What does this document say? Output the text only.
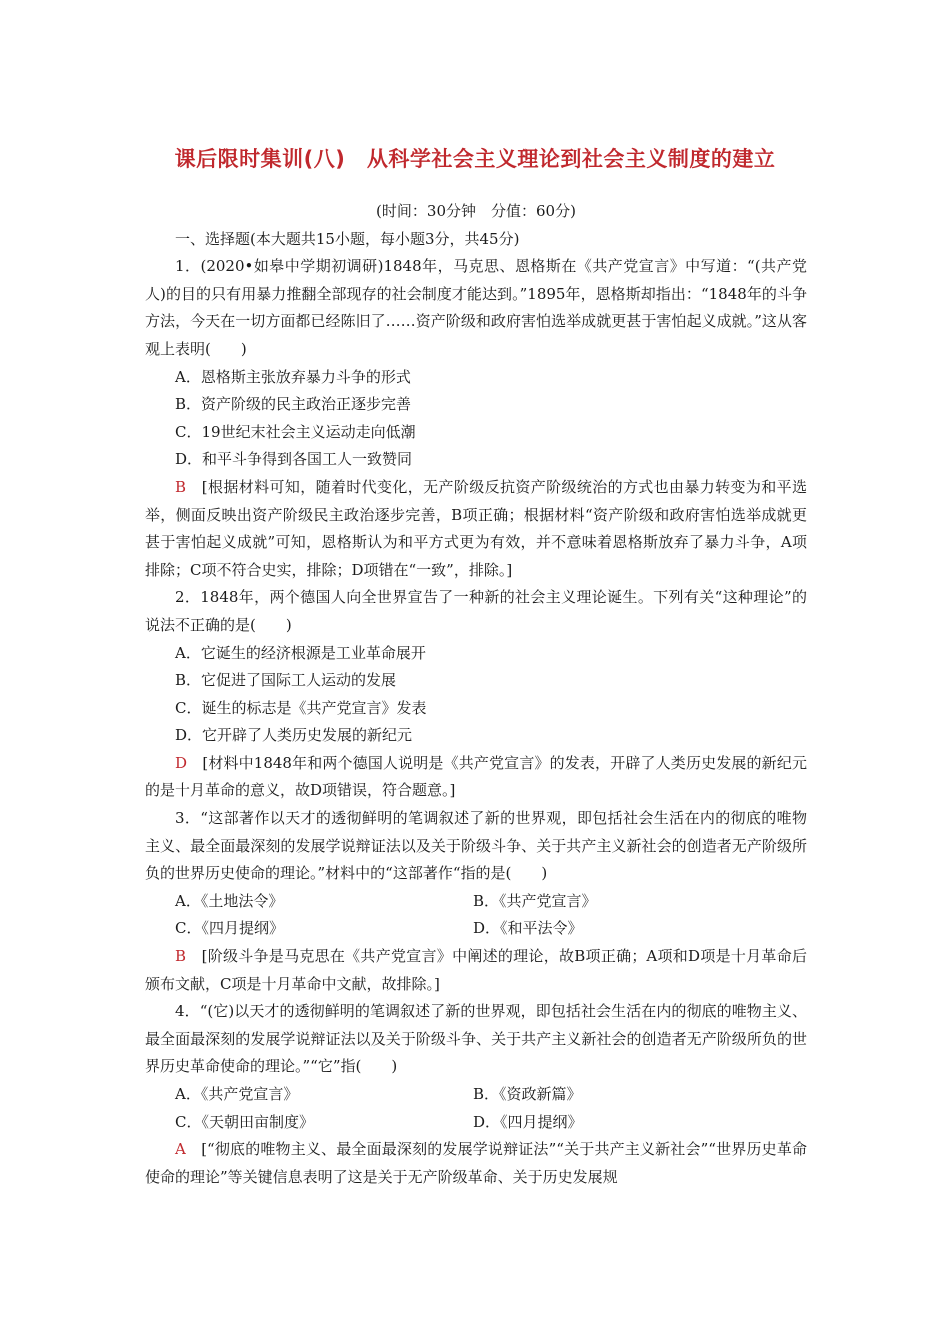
课后限时集训(八)　从科学社会主义理论到社会主义制度的建立
(时间：30分钟　分值：60分)

一、选择题(本大题共15小题，每小题3分，共45分)

1．(2020•如皋中学期初调研)1848年，马克思、恩格斯在《共产党宣言》中写道：“(共产党人)的目的只有用暴力推翻全部现存的社会制度才能达到。”1895年，恩格斯却指出：“1848年的斗争方法，今天在一切方面都已经陈旧了……资产阶级和政府害怕选举成就更甚于害怕起义成就。”这从客观上表明(　　)

A．恩格斯主张放弃暴力斗争的形式

B．资产阶级的民主政治正逐步完善

C．19世纪末社会主义运动走向低潮

D．和平斗争得到各国工人一致赞同

B　 [根据材料可知，随着时代变化，无产阶级反抗资产阶级统治的方式也由暴力转变为和平选举，侧面反映出资产阶级民主政治逐步完善，B项正确；根据材料“资产阶级和政府害怕选举成就更甚于害怕起义成就”可知，恩格斯认为和平方式更为有效，并不意味着恩格斯放弃了暴力斗争，A项排除；C项不符合史实，排除；D项错在“一致”，排除。]

2．1848年，两个德国人向全世界宣告了一种新的社会主义理论诞生。下列有关“这种理论”的说法不正确的是(　　)

A．它诞生的经济根源是工业革命展开

B．它促进了国际工人运动的发展

C．诞生的标志是《共产党宣言》发表

D．它开辟了人类历史发展的新纪元

D　 [材料中1848年和两个德国人说明是《共产党宣言》的发表，开辟了人类历史发展的新纪元的是十月革命的意义，故D项错误，符合题意。]

3．“这部著作以天才的透彻鲜明的笔调叙述了新的世界观，即包括社会生活在内的彻底的唯物主义、最全面最深刻的发展学说辩证法以及关于阶级斗争、关于共产主义新社会的创造者无产阶级所负的世界历史使命的理论。”材料中的“这部著作“指的是(　　)

A．《土地法令》	B．《共产党宣言》
C．《四月提纲》	D．《和平法令》

B　 [阶级斗争是马克思在《共产党宣言》中阐述的理论，故B项正确；A项和D项是十月革命后颁布文献，C项是十月革命中文献，故排除。]

4．“(它)以天才的透彻鲜明的笔调叙述了新的世界观，即包括社会生活在内的彻底的唯物主义、最全面最深刻的发展学说辩证法以及关于阶级斗争、关于共产主义新社会的创造者无产阶级所负的世界历史革命使命的理论。”“它”指(　　)

A．《共产党宣言》	B．《资政新篇》
C．《天朝田亩制度》	D．《四月提纲》

A　 [“彻底的唯物主义、最全面最深刻的发展学说辩证法”“关于共产主义新社会”“世界历史革命使命的理论”等关键信息表明了这是关于无产阶级革命、关于历史发展规
